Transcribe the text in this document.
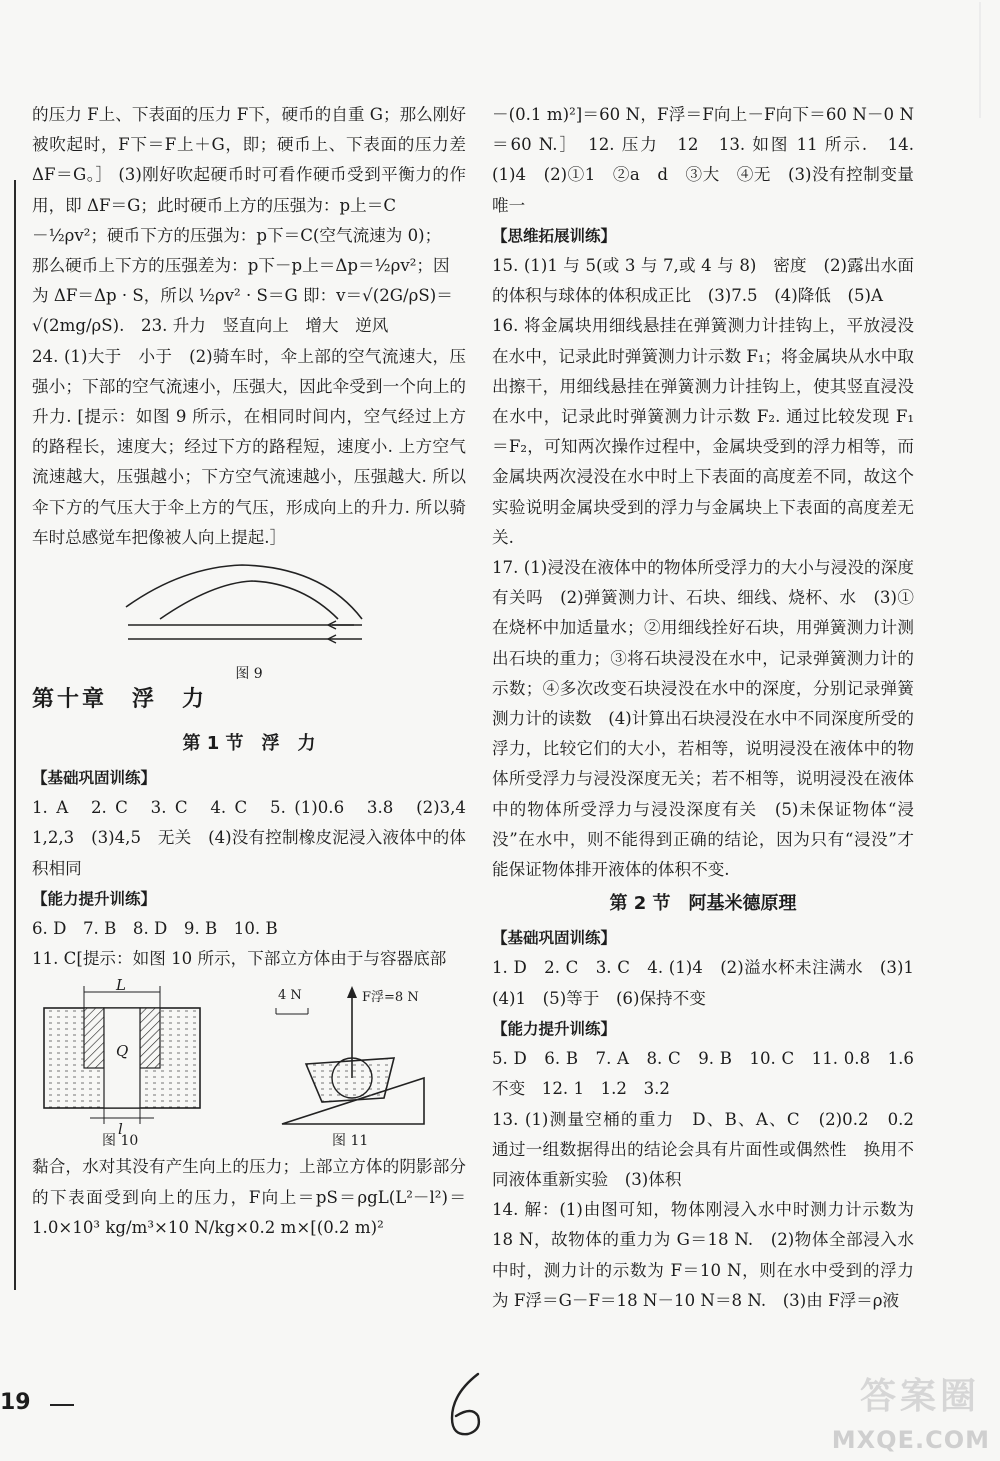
的压力 F上、下表面的压力 F下，硬币的自重 G；那么刚好被吹起时，F下＝F上＋G，即；硬币上、下表面的压力差 ΔF＝G。］ (3)刚好吹起硬币时可看作硬币受到平衡力的作用，即 ΔF＝G；此时硬币上方的压强为：p上＝C

－½ρv²；硬币下方的压强为：p下＝C(空气流速为 0)；

那么硬币上下方的压强差为：p下－p上＝Δp＝½ρv²；因

为 ΔF＝Δp · S，所以 ½ρv² · S＝G 即：v＝√(2G/ρS)＝

√(2mg/ρS).　23. 升力　竖直向上　增大　逆风

24. (1)大于　小于　(2)骑车时，伞上部的空气流速大，压强小；下部的空气流速小，压强大，因此伞受到一个向上的升力. [提示：如图 9 所示，在相同时间内，空气经过上方的路程长，速度大；经过下方的路程短，速度小. 上方空气流速越大，压强越小；下方空气流速越小，压强越大. 所以伞下方的气压大于伞上方的气压，形成向上的升力. 所以骑车时总感觉车把像被人向上提起.］

图 9
第十章　浮　力
第 1 节　浮　力
【基础巩固训练】

1. A　2. C　3. C　4. C　5. (1)0.6　3.8　(2)3,4　1,2,3　(3)4,5　无关　(4)没有控制橡皮泥浸入液体中的体积相同

【能力提升训练】

6. D　7. B　8. D　9. B　10. B

11. C[提示：如图 10 所示，下部立方体由于与容器底部

L
Q
l
F浮=8 N
4 N
图 10	图 11

黏合，水对其没有产生向上的压力；上部立方体的阴影部分的下表面受到向上的压力，F向上＝pS＝ρgL(L²－l²)＝1.0×10³ kg/m³×10 N/kg×0.2 m×[(0.2 m)²

－(0.1 m)²]＝60 N，F浮＝F向上－F向下＝60 N－0 N＝60 N.］　12. 压力　12　13. 如图 11 所示.　14. (1)4　(2)①1　②a　d　③大　④无　(3)没有控制变量唯一

【思维拓展训练】

15. (1)1 与 5(或 3 与 7,或 4 与 8)　密度　(2)露出水面的体积与球体的体积成正比　(3)7.5　(4)降低　(5)A

16. 将金属块用细线悬挂在弹簧测力计挂钩上，平放浸没在水中，记录此时弹簧测力计示数 F₁；将金属块从水中取出擦干，用细线悬挂在弹簧测力计挂钩上，使其竖直浸没在水中，记录此时弹簧测力计示数 F₂. 通过比较发现 F₁＝F₂，可知两次操作过程中，金属块受到的浮力相等，而金属块两次浸没在水中时上下表面的高度差不同，故这个实验说明金属块受到的浮力与金属块上下表面的高度差无关.

17. (1)浸没在液体中的物体所受浮力的大小与浸没的深度有关吗　(2)弹簧测力计、石块、细线、烧杯、水　(3)①在烧杯中加适量水；②用细线拴好石块，用弹簧测力计测出石块的重力；③将石块浸没在水中，记录弹簧测力计的示数；④多次改变石块浸没在水中的深度，分别记录弹簧测力计的读数　(4)计算出石块浸没在水中不同深度所受的浮力，比较它们的大小，若相等，说明浸没在液体中的物体所受浮力与浸没深度无关；若不相等，说明浸没在液体中的物体所受浮力与浸没深度有关　(5)未保证物体“浸没”在水中，则不能得到正确的结论，因为只有“浸没”才能保证物体排开液体的体积不变.

第 2 节　阿基米德原理
【基础巩固训练】

1. D　2. C　3. C　4. (1)4　(2)溢水杯未注满水　(3)1　(4)1　(5)等于　(6)保持不变

【能力提升训练】

5. D　6. B　7. A　8. C　9. B　10. C　11. 0.8　1.6　不变　12. 1　1.2　3.2

13. (1)测量空桶的重力　D、B、A、C　(2)0.2　0.2　通过一组数据得出的结论会具有片面性或偶然性　换用不同液体重新实验　(3)体积

14. 解：(1)由图可知，物体刚浸入水中时测力计示数为 18 N，故物体的重力为 G＝18 N.　(2)物体全部浸入水中时，测力计的示数为 F＝10 N，则在水中受到的浮力为 F浮＝G－F＝18 N－10 N＝8 N.　(3)由 F浮＝ρ液

19	答案圈
MXQE.COM
